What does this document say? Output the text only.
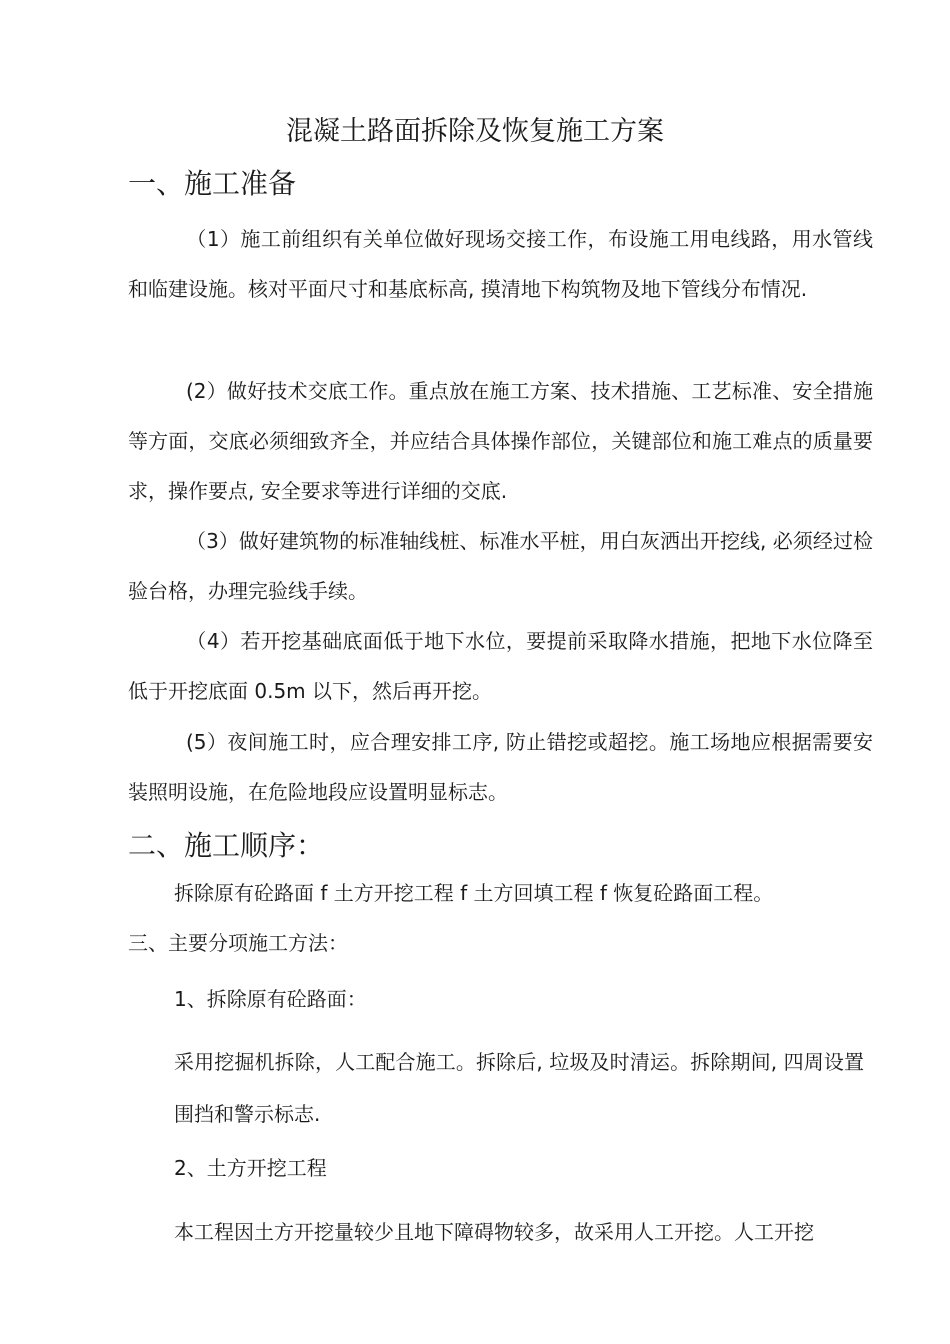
混凝土路面拆除及恢复施工方案
一、施工准备
（1）施工前组织有关单位做好现场交接工作，布设施工用电线路，用水管线和临建设施。核对平面尺寸和基底标高, 摸清地下构筑物及地下管线分布情况.
(2）做好技术交底工作。重点放在施工方案、技术措施、工艺标准、安全措施等方面，交底必须细致齐全，并应结合具体操作部位，关键部位和施工难点的质量要求，操作要点, 安全要求等进行详细的交底.
（3）做好建筑物的标准轴线桩、标准水平桩，用白灰洒出开挖线, 必须经过检验台格，办理完验线手续。
（4）若开挖基础底面低于地下水位，要提前采取降水措施，把地下水位降至低于开挖底面 0.5m 以下，然后再开挖。
(5）夜间施工时，应合理安排工序, 防止错挖或超挖。施工场地应根据需要安装照明设施，在危险地段应设置明显标志。
二、施工顺序：
拆除原有砼路面 f 土方开挖工程 f 土方回填工程 f 恢复砼路面工程。
三、主要分项施工方法：
1、拆除原有砼路面：
采用挖掘机拆除，人工配合施工。拆除后, 垃圾及时清运。拆除期间, 四周设置围挡和警示标志.
2、土方开挖工程
本工程因土方开挖量较少且地下障碍物较多，故采用人工开挖。人工开挖
